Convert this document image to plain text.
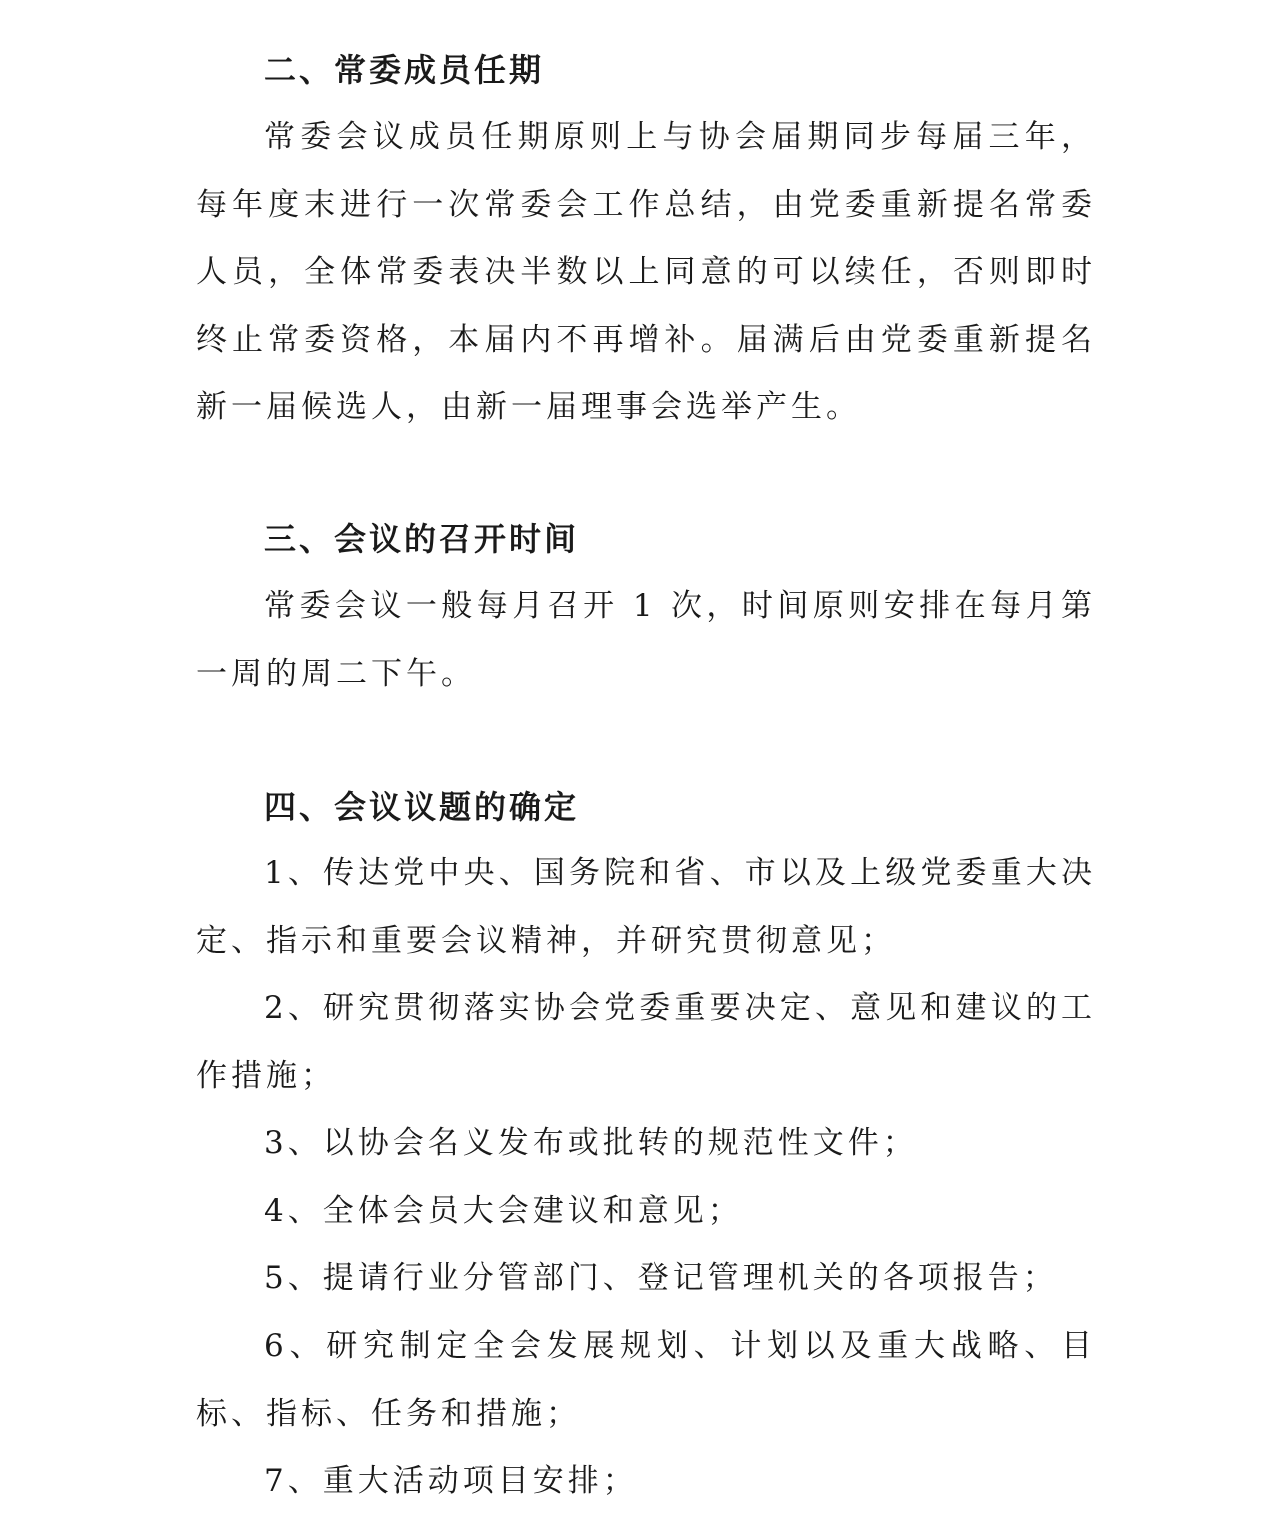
二、常委成员任期

常委会议成员任期原则上与协会届期同步每届三年，每年度末进行一次常委会工作总结，由党委重新提名常委人员，全体常委表决半数以上同意的可以续任，否则即时终止常委资格，本届内不再增补。届满后由党委重新提名新一届候选人，由新一届理事会选举产生。

三、会议的召开时间

常委会议一般每月召开 1 次，时间原则安排在每月第一周的周二下午。

四、会议议题的确定

1、传达党中央、国务院和省、市以及上级党委重大决定、指示和重要会议精神，并研究贯彻意见；

2、研究贯彻落实协会党委重要决定、意见和建议的工作措施；

3、以协会名义发布或批转的规范性文件；

4、全体会员大会建议和意见；

5、提请行业分管部门、登记管理机关的各项报告；

6、研究制定全会发展规划、计划以及重大战略、目标、指标、任务和措施；

7、重大活动项目安排；
